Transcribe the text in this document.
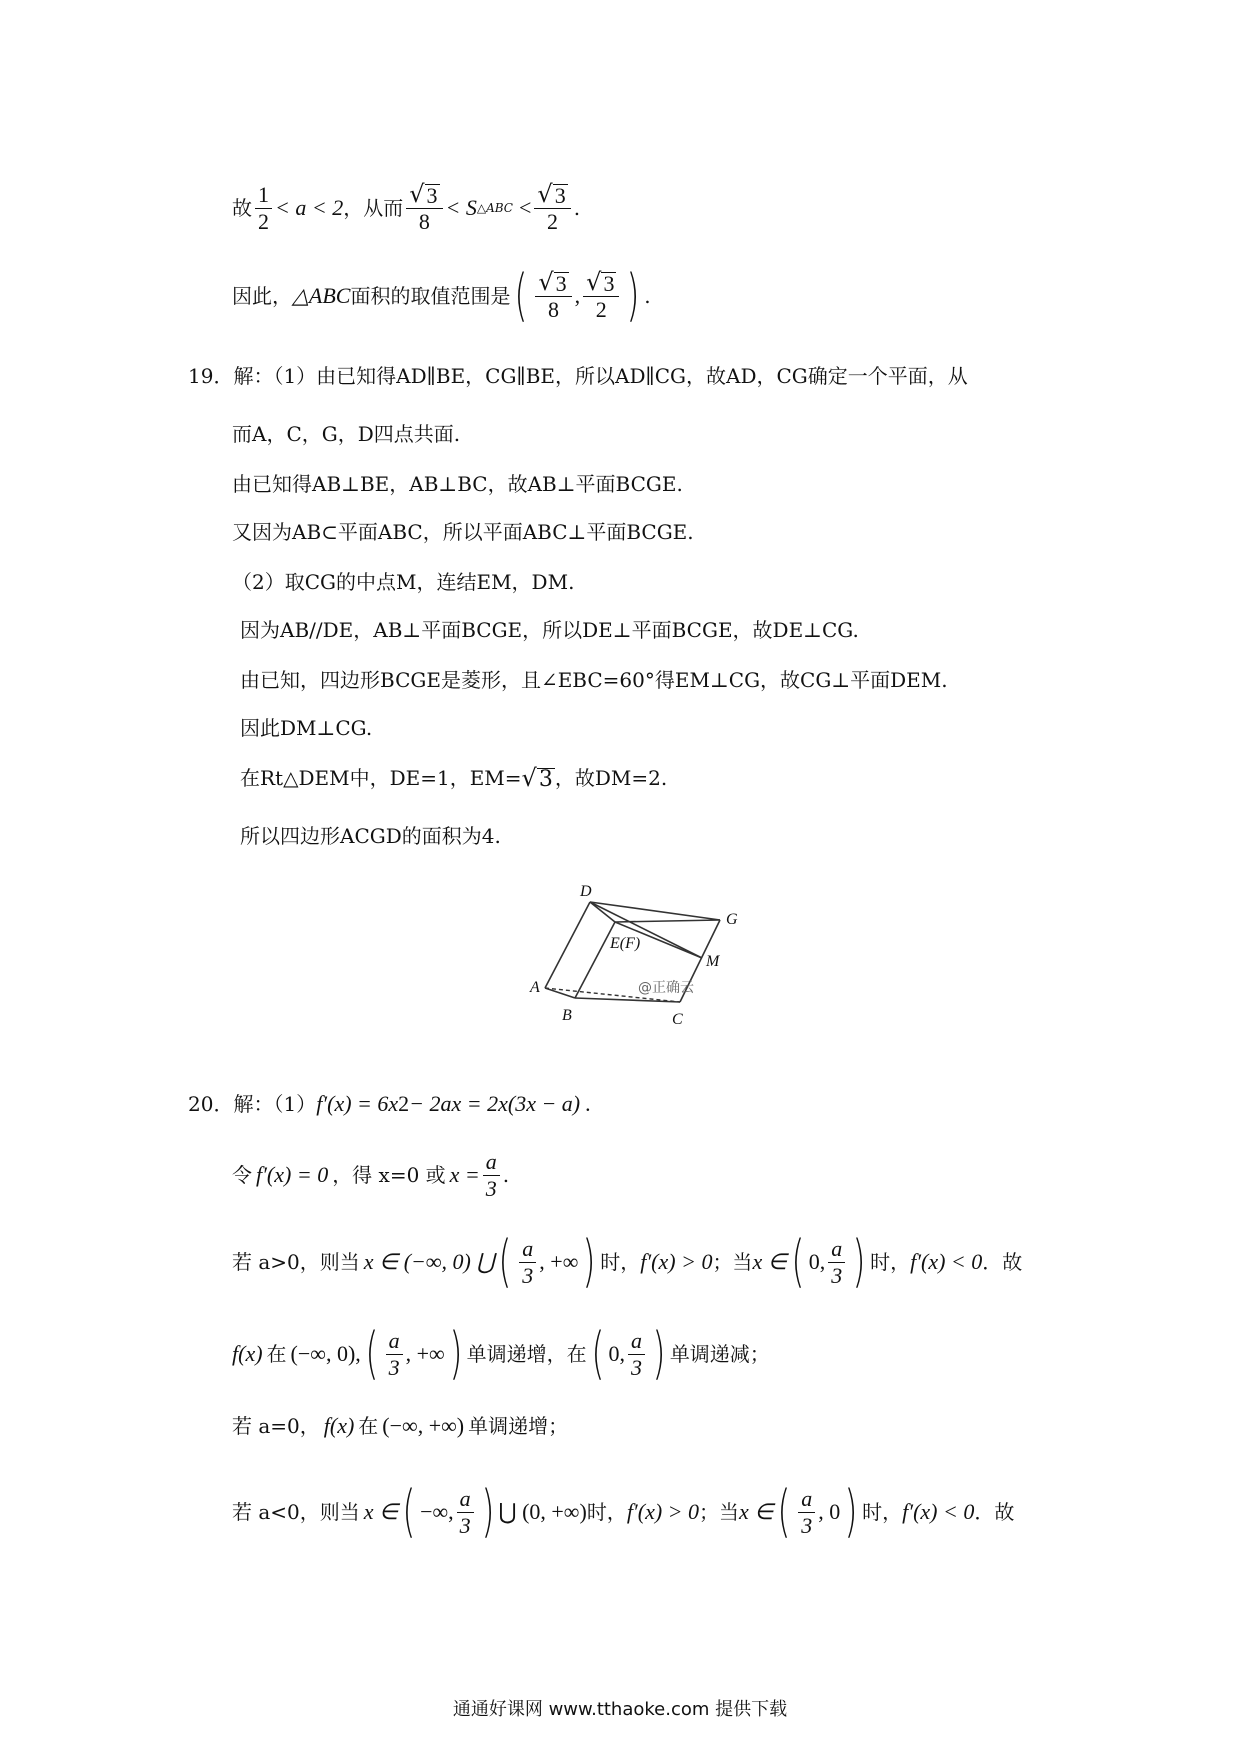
故 $\frac{1}{2} < a < 2$ ，从而 $\frac{√ 3}{8} < S$ △ABC < $\frac{√ 3}{2}$ .
因此， △ABC 面积的取值范围是 ( $\frac{√ 3}{8}$ , $\frac{√ 3}{2}$ ) .
19．解：（1）由已知得AD∥BE，CG∥BE，所以AD∥CG，故AD，CG确定一个平面，从
而A，C，G，D四点共面.
由已知得AB⊥BE，AB⊥BC，故AB⊥平面BCGE.
又因为AB⊂平面ABC，所以平面ABC⊥平面BCGE.
（2）取CG的中点M，连结EM，DM.
因为AB//DE，AB⊥平面BCGE，所以DE⊥平面BCGE，故DE⊥CG.
由已知，四边形BCGE是菱形，且∠EBC=60°得EM⊥CG，故CG⊥平面DEM.
因此DM⊥CG.
在Rt△DEM中，DE=1，EM= √ 3 ，故DM=2.
所以四边形ACGD的面积为4.
D
G
E(F)
M
A
B	C
@正确云
20．解：（1） f′(x) = 6x 2 − 2ax = 2x(3x − a) .
令 f′(x) = 0 ，得 x=0 或 $x = \frac{a}{3}$ .
若 a>0，则当 x ∈ (−∞, 0) ⋃ ( $\frac{a}{3}$ , +∞ ) 时， f′(x) > 0 ；当 x ∈ ( 0, $\frac{a}{3}$ ) 时， f′(x) < 0 ．故
f(x) 在 (−∞, 0), ( $\frac{a}{3}$ , +∞ ) 单调递增，在 ( 0, $\frac{a}{3}$ ) 单调递减；
若 a=0， f(x) 在 (−∞, +∞) 单调递增；
若 a<0，则当 x ∈ ( −∞, $\frac{a}{3}$ ) ⋃ (0, +∞) 时， f′(x) > 0 ；当 x ∈ ( $\frac{a}{3}$ , 0 ) 时， f′(x) < 0 ．故
通通好课网 www.tthaoke.com 提供下载
